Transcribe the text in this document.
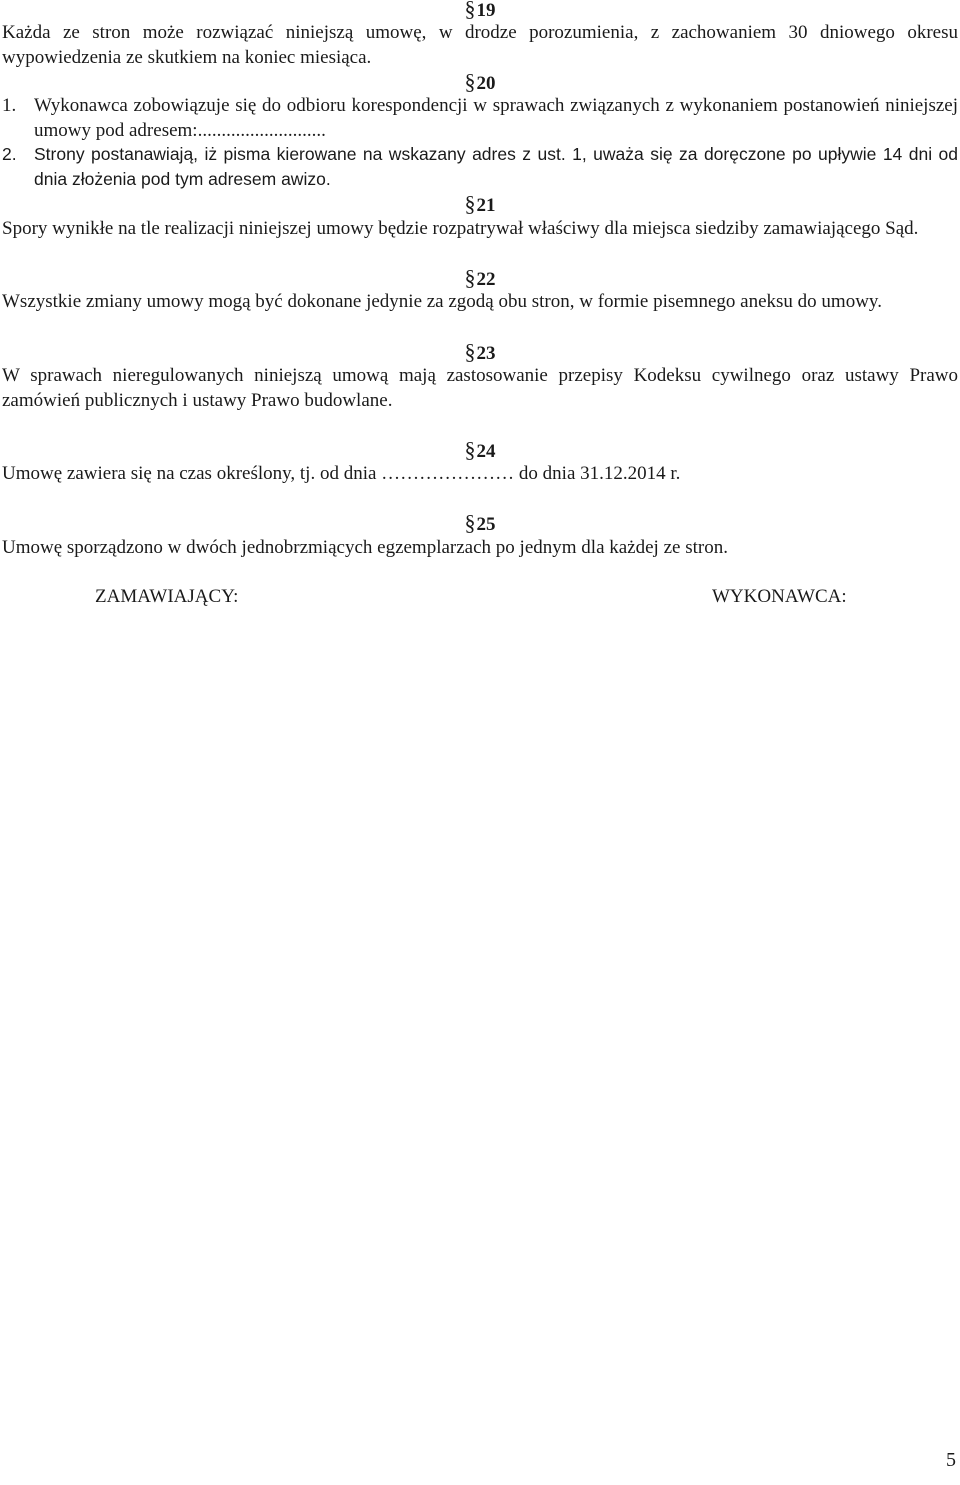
§19

Każda ze stron może rozwiązać niniejszą umowę, w drodze porozumienia, z zachowaniem 30 dniowego okresu wypowiedzenia ze skutkiem na koniec miesiąca.

§20

1. Wykonawca zobowiązuje się do odbioru korespondencji w sprawach związanych z wykonaniem postanowień niniejszej umowy pod adresem:...........................
2. Strony postanawiają, iż pisma kierowane na wskazany adres z ust. 1, uważa się za doręczone po upływie 14 dni od dnia złożenia pod tym adresem awizo.

§21

Spory wynikłe na tle realizacji niniejszej umowy będzie rozpatrywał właściwy dla miejsca siedziby zamawiającego Sąd.

§22

Wszystkie zmiany umowy mogą być dokonane jedynie za zgodą obu stron, w formie pisemnego aneksu do umowy.

§23

W sprawach nieregulowanych niniejszą umową mają zastosowanie przepisy Kodeksu cywilnego oraz ustawy Prawo zamówień publicznych i ustawy Prawo budowlane.

§24

Umowę zawiera się na czas określony, tj. od dnia ………………… do dnia 31.12.2014 r.

§25

Umowę sporządzono w dwóch jednobrzmiących egzemplarzach po jednym dla każdej ze stron.

ZAMAWIAJĄCY:	WYKONAWCA:

5
